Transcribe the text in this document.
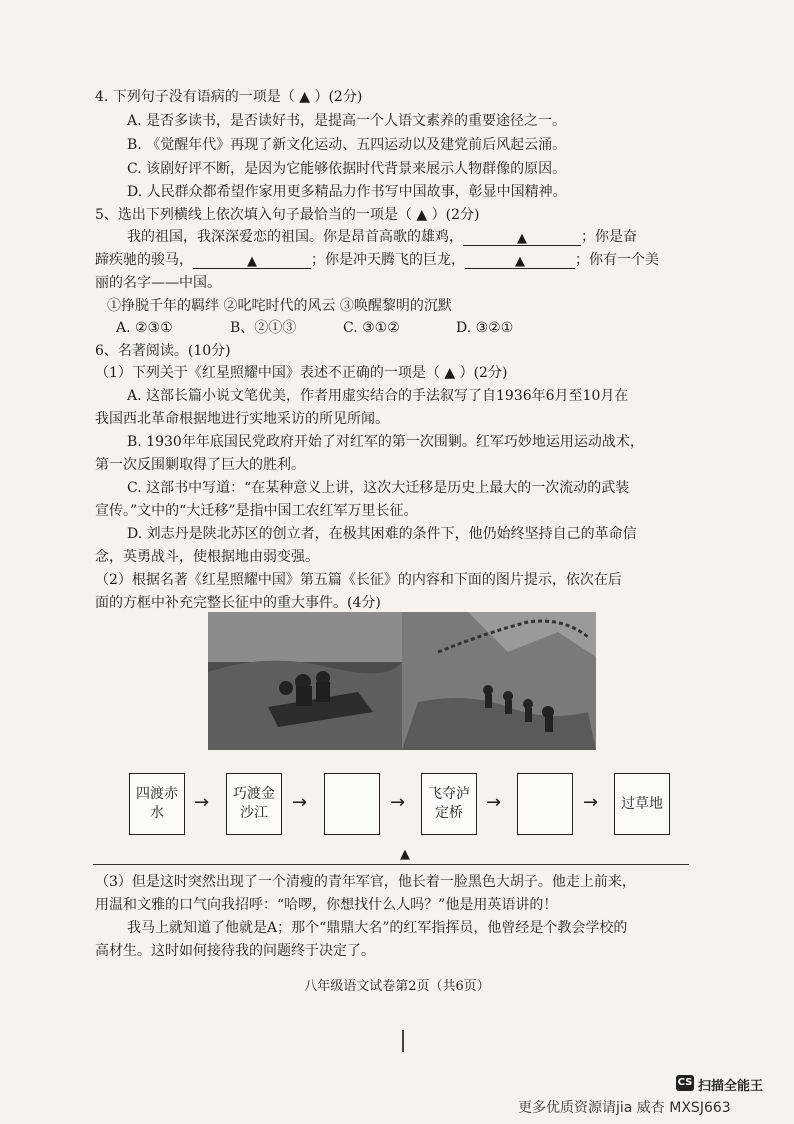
4. 下列句子没有语病的一项是（ ▲ ）(2分)
A. 是否多读书，是否读好书，是提高一个人语文素养的重要途径之一。
B. 《觉醒年代》再现了新文化运动、五四运动以及建党前后风起云涌。
C. 该剧好评不断，是因为它能够依据时代背景来展示人物群像的原因。
D. 人民群众都希望作家用更多精品力作书写中国故事，彰显中国精神。
5、选出下列横线上依次填入句子最恰当的一项是（ ▲ ）(2分)
我的祖国，我深深爱恋的祖国。你是昂首高歌的雄鸡，	▲	；你是奋
蹄疾驰的骏马，	▲	；你是冲天腾飞的巨龙，	▲	；你有一个美
丽的名字——中国。
①挣脱千年的羁绊 ②叱咤时代的风云 ③唤醒黎明的沉默
A. ②③①	B、②①③	C. ③①②	D. ③②①
6、名著阅读。(10分)
（1）下列关于《红星照耀中国》表述不正确的一项是（ ▲ ）(2分)
A. 这部长篇小说文笔优美，作者用虚实结合的手法叙写了自1936年6月至10月在
我国西北革命根据地进行实地采访的所见所闻。
B. 1930年年底国民党政府开始了对红军的第一次围剿。红军巧妙地运用运动战术，
第一次反围剿取得了巨大的胜利。
C. 这部书中写道：“在某种意义上讲，这次大迁移是历史上最大的一次流动的武装
宣传。”文中的“大迁移”是指中国工农红军万里长征。
D. 刘志丹是陕北苏区的创立者，在极其困难的条件下，他仍始终坚持自己的革命信
念，英勇战斗，使根据地由弱变强。
（2）根据名著《红星照耀中国》第五篇《长征》的内容和下面的图片提示，依次在后
面的方框中补充完整长征中的重大事件。(4分)
四渡赤水	→	巧渡金沙江	→	→	飞夺泸定桥	→	→	过草地
▲
（3）但是这时突然出现了一个清瘦的青年军官，他长着一脸黑色大胡子。他走上前来，
用温和文雅的口气向我招呼：“哈啰，你想找什么人吗？”他是用英语讲的！
我马上就知道了他就是A；那个“鼎鼎大名”的红军指挥员，他曾经是个教会学校的
高材生。这时如何接待我的问题终于决定了。
八年级语文试卷第2页（共6页）
CS 扫描全能王
更多优质资源请jia 威杏 MXSJ663
